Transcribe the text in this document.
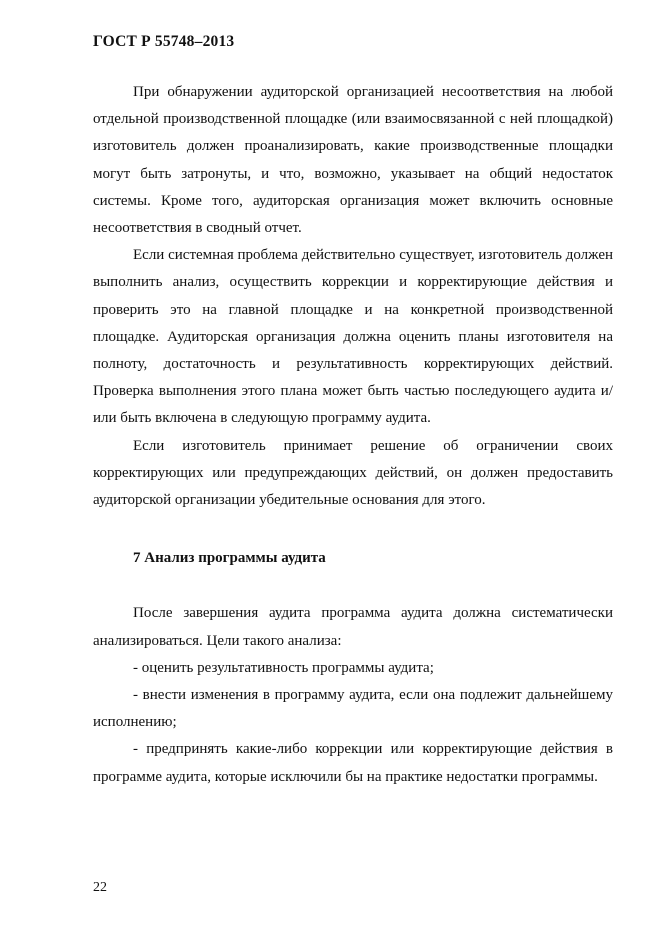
ГОСТ Р 55748–2013

При обнаружении аудиторской организацией несоответствия на любой отдельной производственной площадке (или взаимосвязанной с ней площадкой) изготовитель должен проанализировать, какие производственные площадки могут быть затронуты, и что, возможно, указывает на общий недостаток системы. Кроме того, аудиторская организация может включить основные несоответствия в сводный отчет.

Если системная проблема действительно существует, изготовитель должен выполнить анализ, осуществить коррекции и корректирующие действия и проверить это на главной площадке и на конкретной производственной площадке. Аудиторская организация должна оценить планы изготовителя на полноту, достаточность и результативность корректирующих действий. Проверка выполнения этого плана может быть частью последующего аудита и/или быть включена в следующую программу аудита.

Если изготовитель принимает решение об ограничении своих корректирующих или предупреждающих действий, он должен предоставить аудиторской организации убедительные основания для этого.

7 Анализ программы аудита

После завершения аудита программа аудита должна систематически анализироваться. Цели такого анализа:

- оценить результативность программы аудита;

- внести изменения в программу аудита, если она подлежит дальнейшему исполнению;

- предпринять какие-либо коррекции или корректирующие действия в программе аудита, которые исключили бы на практике недостатки программы.

22
